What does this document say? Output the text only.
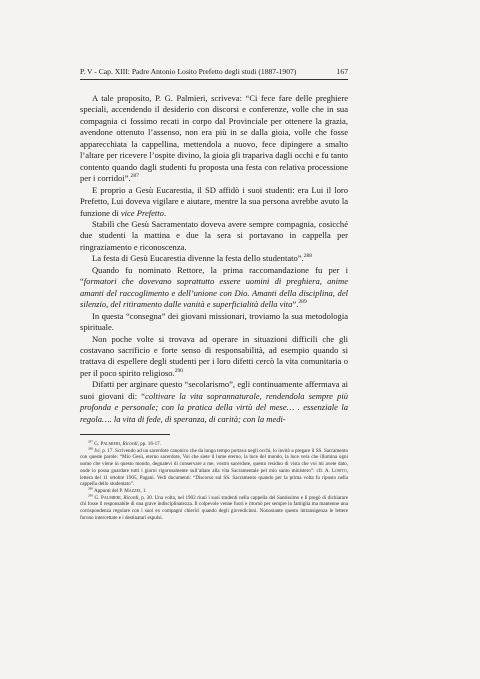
P. V - Cap. XIII: Padre Antonio Losito Prefetto degli studi (1887-1907)	167

A tale proposito, P. G. Palmieri, scriveva: “Ci fece fare delle preghiere speciali, accendendo il desiderio con discorsi e conferenze, volle che in sua compagnia ci fossimo recati in corpo dal Provinciale per ottenere la grazia, avendone ottenuto l’assenso, non era più in se dalla gioia, volle che fosse apparecchiata la cappellina, mettendola a nuovo, fece dipingere a smalto l’altare per ricevere l’ospite divino, la gioia gli trapariva dagli occhi e fu tanto contento quando dagli studenti fu proposta una festa con relativa processione per i corridoi”.$^{287}$

E proprio a Gesù Eucarestia, il SD affidò i suoi studenti: era Lui il loro Prefetto, Lui doveva vigilare e aiutare, mentre la sua persona avrebbe avuto la funzione di vice Prefetto.

Stabilì che Gesù Sacramentato doveva avere sempre compagnia, cosicché due studenti la mattina e due la sera si portavano in cappella per ringraziamento e riconoscenza.

La festa di Gesù Eucarestia divenne la festa dello studentato”.$^{288}$

Quando fu nominato Rettore, la prima raccomandazione fu per i “formatori che dovevano soprattutto essere uomini di preghiera, anime amanti del raccoglimento e dell’unione con Dio. Amanti della disciplina, del silenzio, del ritiramento dalle vanità e superficialità della vita”.$^{289}$

In questa “consegna” dei giovani missionari, troviamo la sua metodologia spirituale.

Non poche volte si trovava ad operare in situazioni difficili che gli costavano sacrificio e forte senso di responsabilità, ad esempio quando si trattava di espellere degli studenti per i loro difetti cercò la vita comunitaria o per il poco spirito religioso.$^{290}$

Difatti per arginare questo “secolarismo”, egli continuamente affermava ai suoi giovani di: “coltivare la vita soprannaturale, rendendola sempre più profonda e personale; con la pratica della virtù del mese… . essenziale la regola…. la vita di fede, di speranza, di carità; con la medi-

$^{287}$ G. Palmieri, Ricordi, pp. 16-17.

$^{288}$ Ivi, p. 17. Scrivendo ad un sacerdote canonico che da lungo tempo portava negli occhi, lo invitò a pregare il SS. Sacramento con queste parole: “Mio Gesù, eterno sacerdote, Voi che siete il lume eterno, la luce del mondo, la luce vera che illumina ogni uomo che viene in questo mondo, degnatevi di conservare a me, vostro sacerdote, questo residuo di vista che voi mi avete dato, onde io possa guardare tutti i giorni rigorosamente sull’altare alla vita Sacramentale pel mio santo ministero”: cfr. A. Losito, lettera del 11 ottobre 1905, Pagani. Vedi documenti: “Discorso sul SS. Sacramento quando per la prima volta fu riposto nella cappella dello studentato”.

$^{289}$ Appunti del P. Mazzei, 1.

$^{290}$ G. Palmieri, Ricordi, p. 30. Una volta, nel 1902 riunì i suoi studenti nella cappella del Santissimo e li pregò di dichiarare chi fosse il responsabile di una grave indisciplinatezza. Il colpevole venne fuori e ritornò per sempre in famiglia ma mantenne una corrispondenza regolare con i suoi ex compagni chierici quando degli giovedicinni. Nonostante questo intransigenza le lettere furono intercettate e i destinatari espulsi.
